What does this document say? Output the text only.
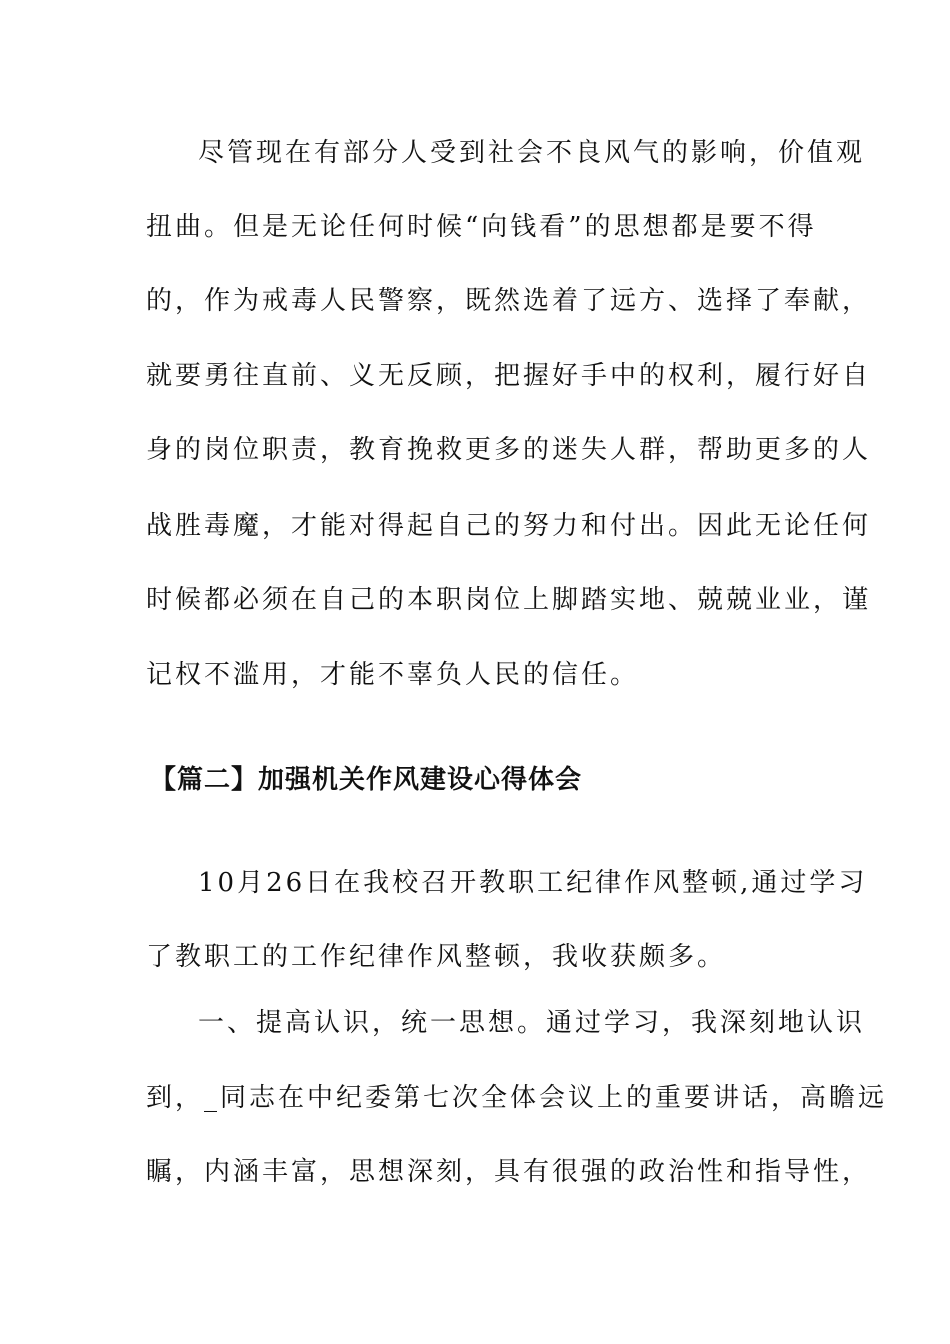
尽管现在有部分人受到社会不良风气的影响，价值观
扭曲。但是无论任何时候“向钱看”的思想都是要不得
的，作为戒毒人民警察，既然选着了远方、选择了奉献，
就要勇往直前、义无反顾，把握好手中的权利，履行好自
身的岗位职责，教育挽救更多的迷失人群，帮助更多的人
战胜毒魔，才能对得起自己的努力和付出。因此无论任何
时候都必须在自己的本职岗位上脚踏实地、兢兢业业，谨
记权不滥用，才能不辜负人民的信任。
【篇二】加强机关作风建设心得体会
10月26日在我校召开教职工纪律作风整顿,通过学习
了教职工的工作纪律作风整顿，我收获颇多。
一、提高认识，统一思想。通过学习，我深刻地认识
到，_同志在中纪委第七次全体会议上的重要讲话，高瞻远
瞩，内涵丰富，思想深刻，具有很强的政治性和指导性，
